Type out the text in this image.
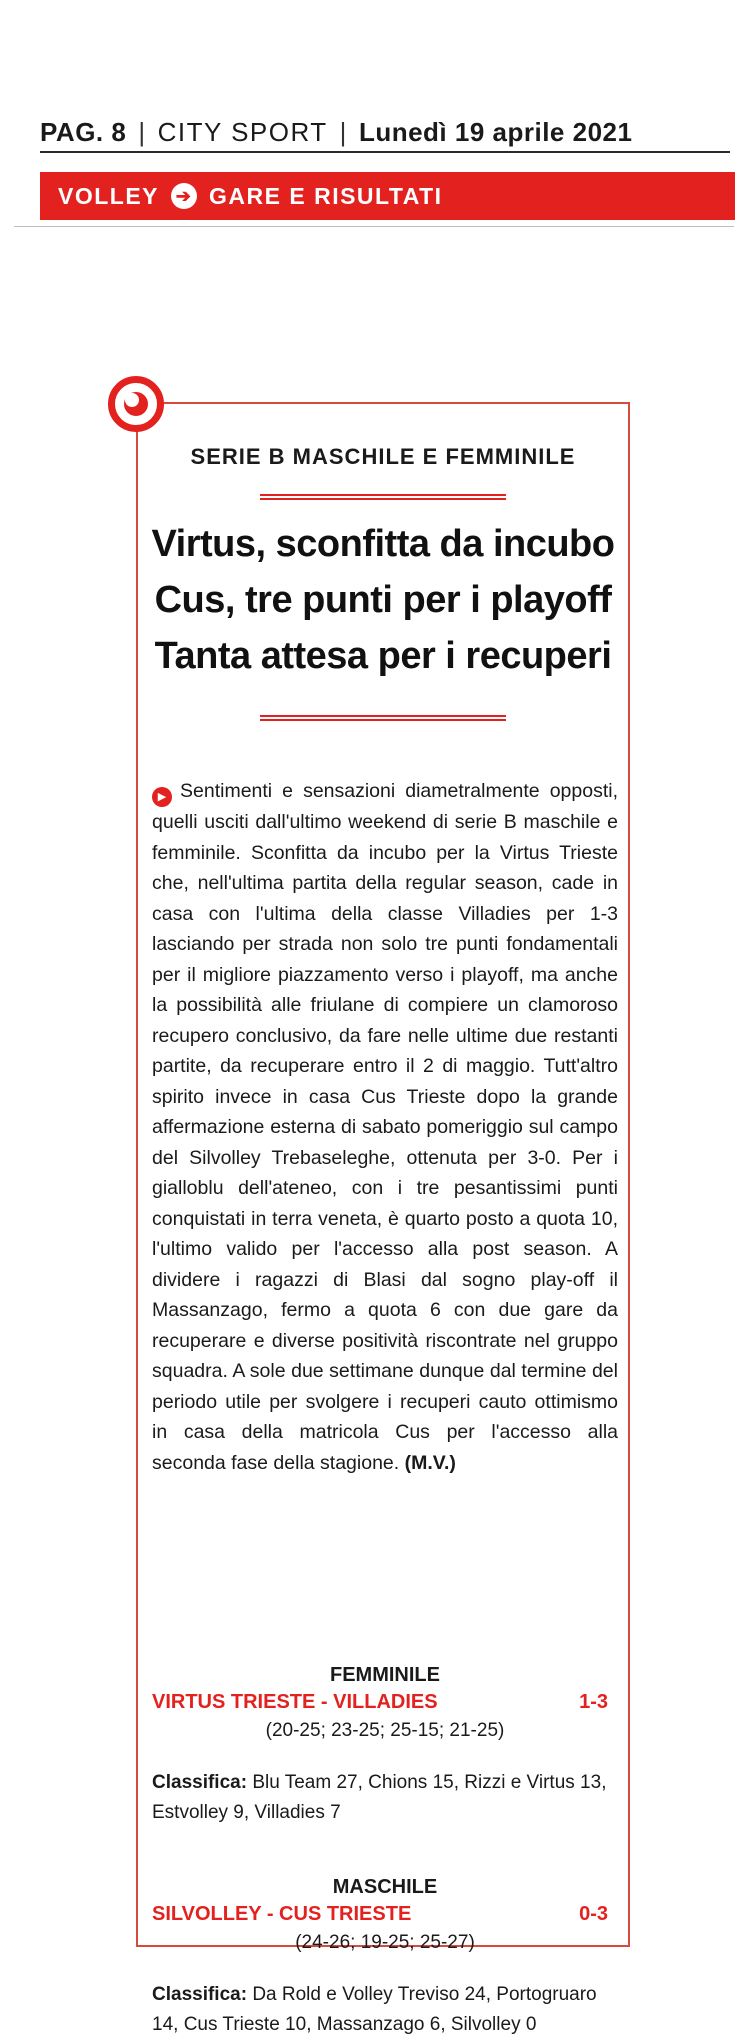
PAG. 8 | CITY SPORT | Lunedì 19 aprile 2021
VOLLEY ➔ GARE E RISULTATI
SERIE B MASCHILE E FEMMINILE
Virtus, sconfitta da incubo
Cus, tre punti per i playoff
Tanta attesa per i recuperi

▶ Sentimenti e sensazioni diametralmente opposti, quelli usciti dall'ultimo weekend di serie B maschile e femminile. Sconfitta da incubo per la Virtus Trieste che, nell'ultima partita della regular season, cade in casa con l'ultima della classe Villadies per 1-3 lasciando per strada non solo tre punti fondamentali per il migliore piazzamento verso i playoff, ma anche la possibilità alle friulane di compiere un clamoroso recupero conclusivo, da fare nelle ultime due restanti partite, da recuperare entro il 2 di maggio. Tutt'altro spirito invece in casa Cus Trieste dopo la grande affermazione esterna di sabato pomeriggio sul campo del Silvolley Trebaseleghe, ottenuta per 3-0. Per i gialloblu dell'ateneo, con i tre pesantissimi punti conquistati in terra veneta, è quarto posto a quota 10, l'ultimo valido per l'accesso alla post season. A dividere i ragazzi di Blasi dal sogno play-off il Massanzago, fermo a quota 6 con due gare da recuperare e diverse positività riscontrate nel gruppo squadra. A sole due settimane dunque dal termine del periodo utile per svolgere i recuperi cauto ottimismo in casa della matricola Cus per l'accesso alla seconda fase della stagione. (M.V.)

FEMMINILE
VIRTUS TRIESTE - VILLADIES	1-3
(20-25; 23-25; 25-15; 21-25)
Classifica: Blu Team 27, Chions 15, Rizzi e Virtus 13, Estvolley 9, Villadies 7
MASCHILE
SILVOLLEY - CUS TRIESTE	0-3
(24-26; 19-25; 25-27)
Classifica: Da Rold e Volley Treviso 24, Portogruaro 14, Cus Trieste 10, Massanzago 6, Silvolley 0
